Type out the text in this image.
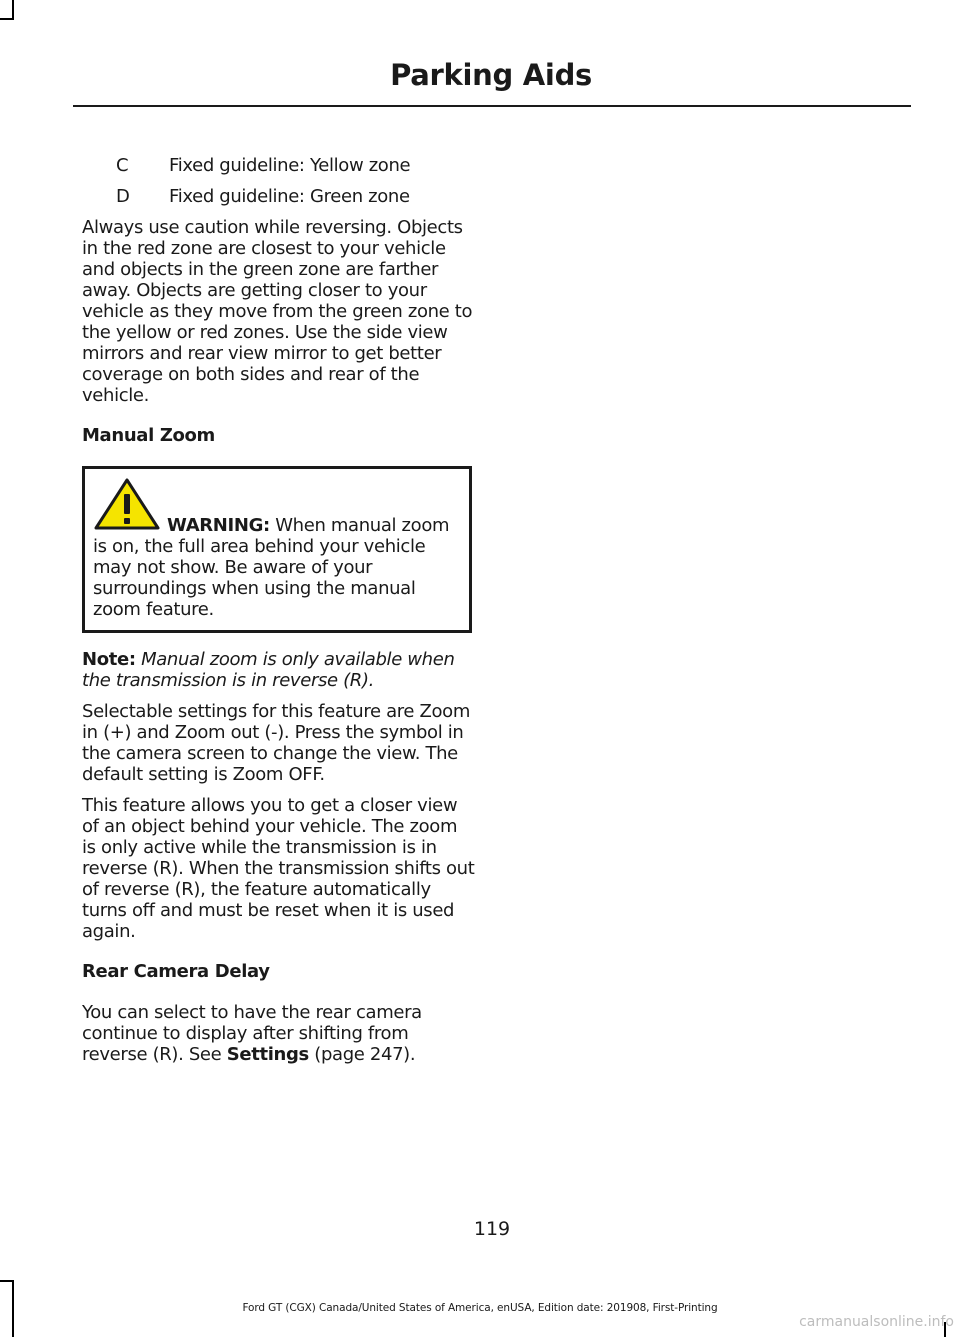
Parking Aids
C	Fixed guideline: Yellow zone
D	Fixed guideline: Green zone

Always use caution while reversing. Objects in the red zone are closest to your vehicle and objects in the green zone are farther away. Objects are getting closer to your vehicle as they move from the green zone to the yellow or red zones. Use the side view mirrors and rear view mirror to get better coverage on both sides and rear of the vehicle.

Manual Zoom
WARNING: When manual zoom is on, the full area behind your vehicle may not show. Be aware of your surroundings when using the manual zoom feature.

Note: Manual zoom is only available when the transmission is in reverse (R).

Selectable settings for this feature are Zoom in (+) and Zoom out (-). Press the symbol in the camera screen to change the view. The default setting is Zoom OFF.

This feature allows you to get a closer view of an object behind your vehicle. The zoom is only active while the transmission is in reverse (R). When the transmission shifts out of reverse (R), the feature automatically turns off and must be reset when it is used again.

Rear Camera Delay

You can select to have the rear camera continue to display after shifting from reverse (R). See Settings (page 247).

119
Ford GT (CGX) Canada/United States of America, enUSA, Edition date: 201908, First-Printing
carmanualsonline.info
